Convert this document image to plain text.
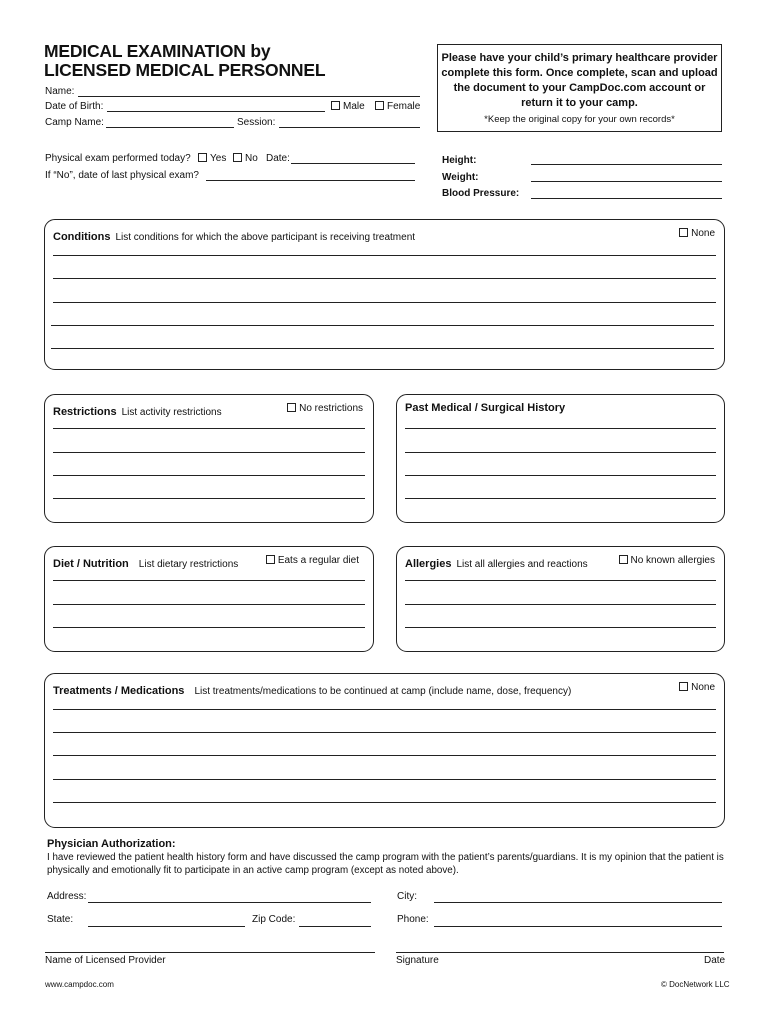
MEDICAL EXAMINATION by
LICENSED MEDICAL PERSONNEL
Please have your child’s primary healthcare provider complete this form. Once complete, scan and upload the document to your CampDoc.com account or return it to your camp.
*Keep the original copy for your own records*
Name:
Date of Birth:	Male	Female
Camp Name:	Session:
Physical exam performed today?	Yes	No Date:
If “No”, date of last physical exam?
Height:
Weight:
Blood Pressure:
Conditions List conditions for which the above participant is receiving treatment	None
Restrictions List activity restrictions	No restrictions	Past Medical / Surgical History
Diet / Nutrition List dietary restrictions	Eats a regular diet	Allergies List all allergies and reactions	No known allergies
Treatments / Medications List treatments/medications to be continued at camp (include name, dose, frequency)	None
Physician Authorization:
I have reviewed the patient health history form and have discussed the camp program with the patient’s parents/guardians. It is my opinion that the patient is physically and emotionally fit to participate in an active camp program (except as noted above).
Address:	City:
State:	Zip Code:	Phone:
Name of Licensed Provider	Signature	Date
www.campdoc.com	© DocNetwork LLC
